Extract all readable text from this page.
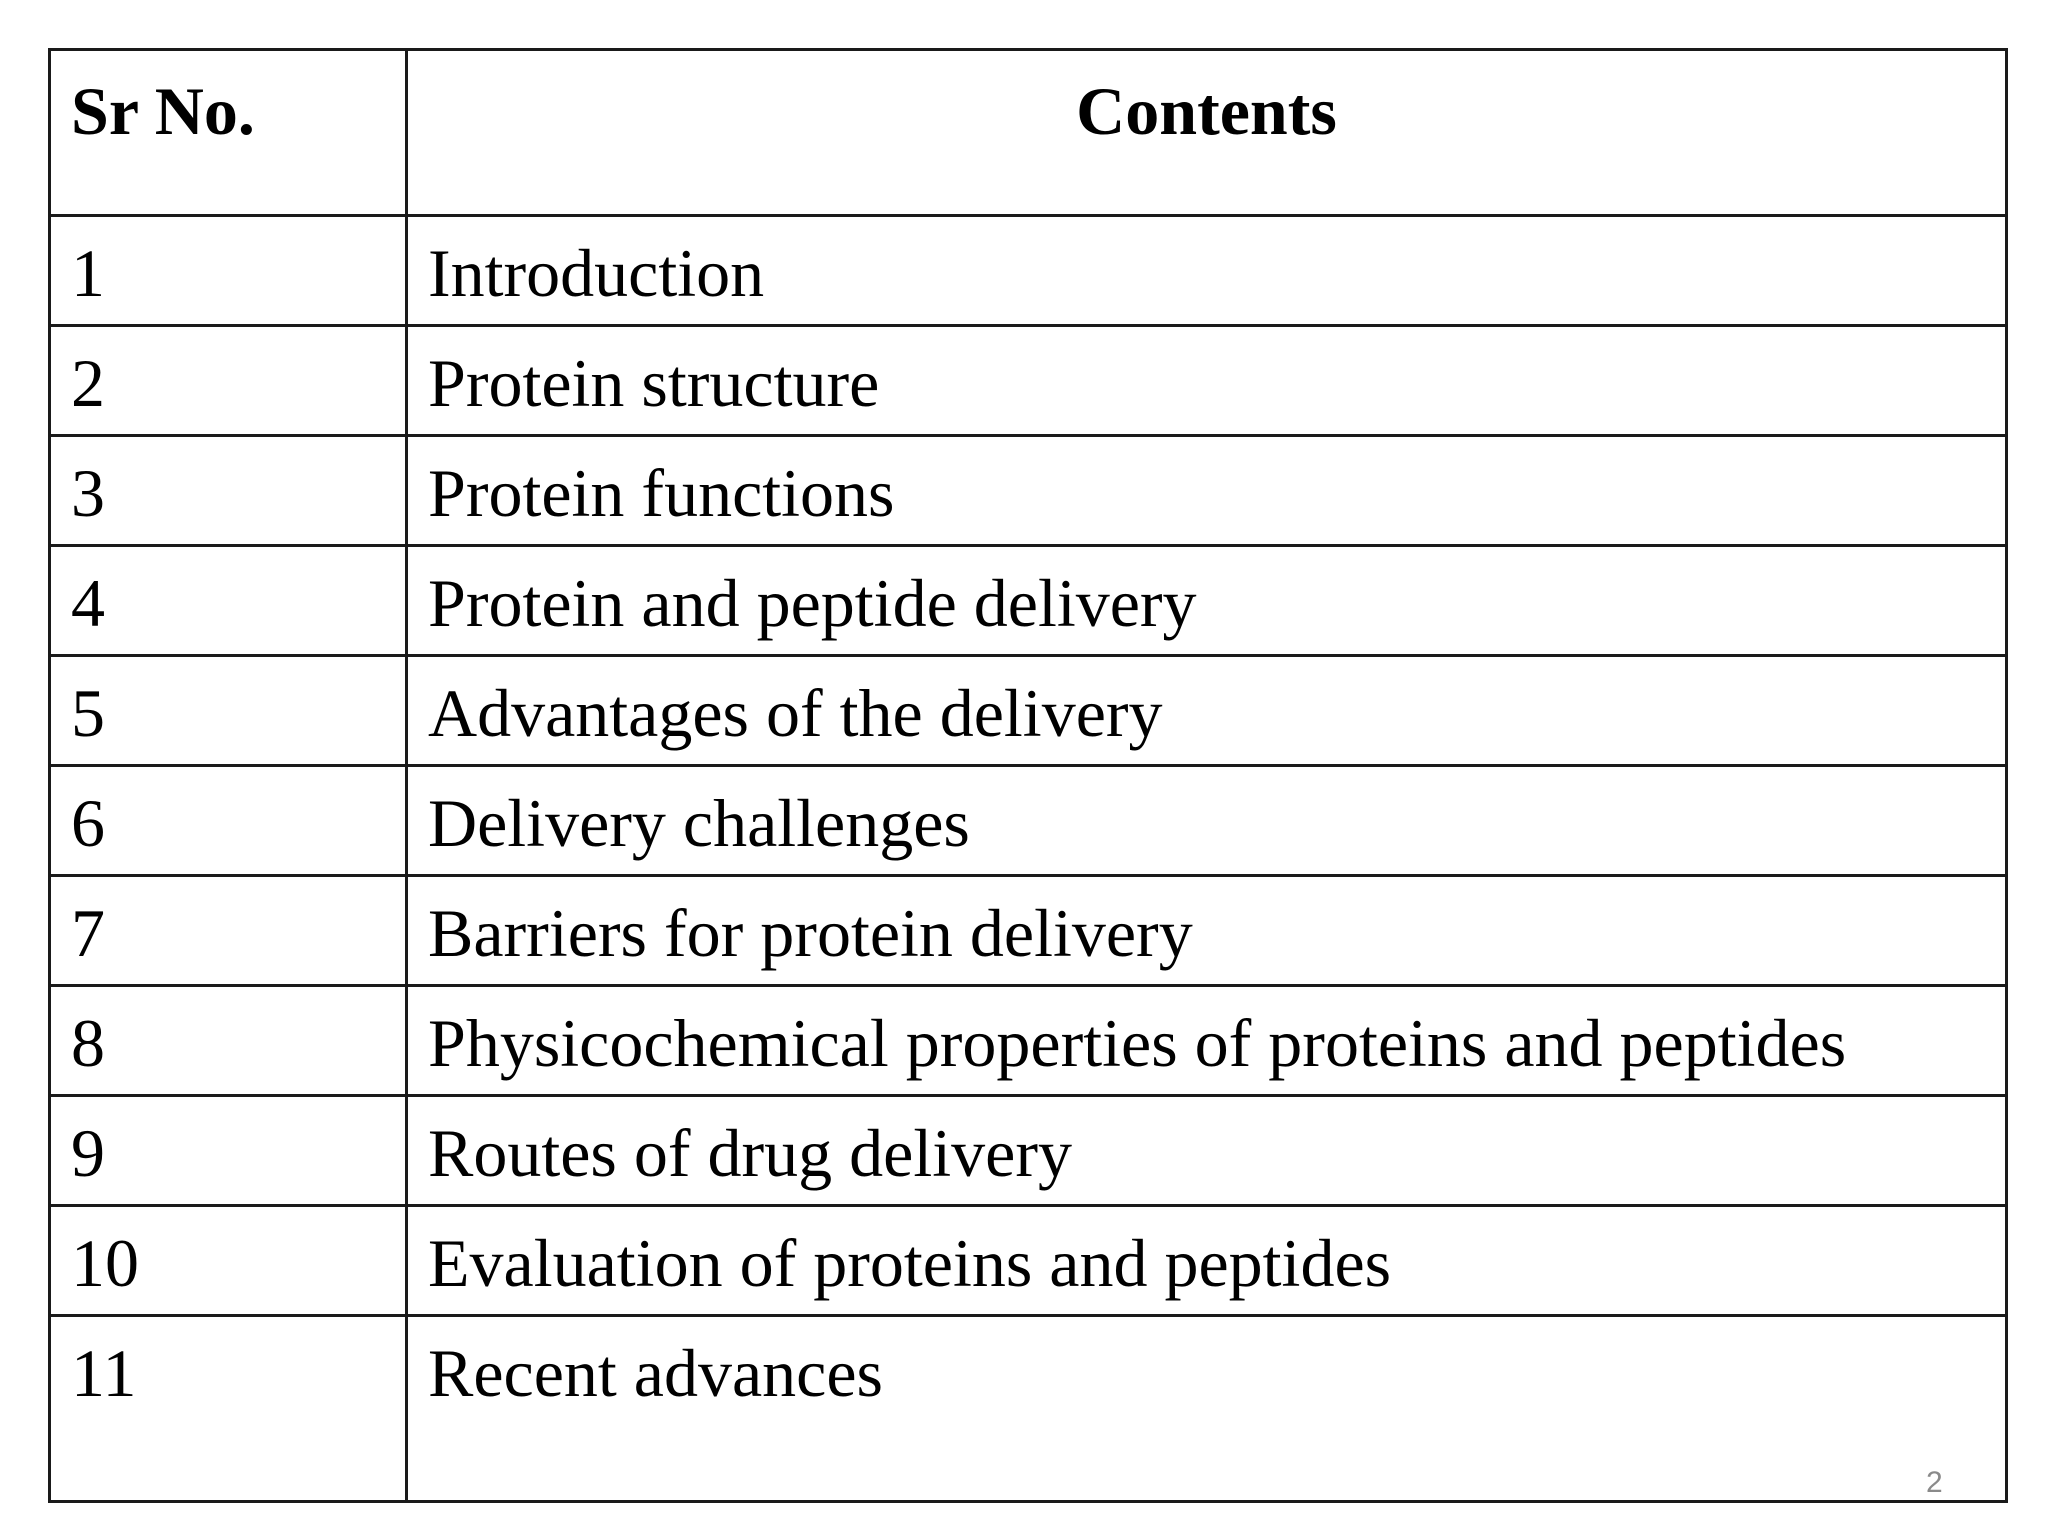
Sr No.	Contents
1	Introduction
2	Protein structure
3	Protein functions
4	Protein and peptide delivery
5	Advantages of the delivery
6	Delivery challenges
7	Barriers for protein delivery
8	Physicochemical properties of proteins and peptides
9	Routes of drug delivery
10	Evaluation of proteins and peptides
11	Recent advances
2
